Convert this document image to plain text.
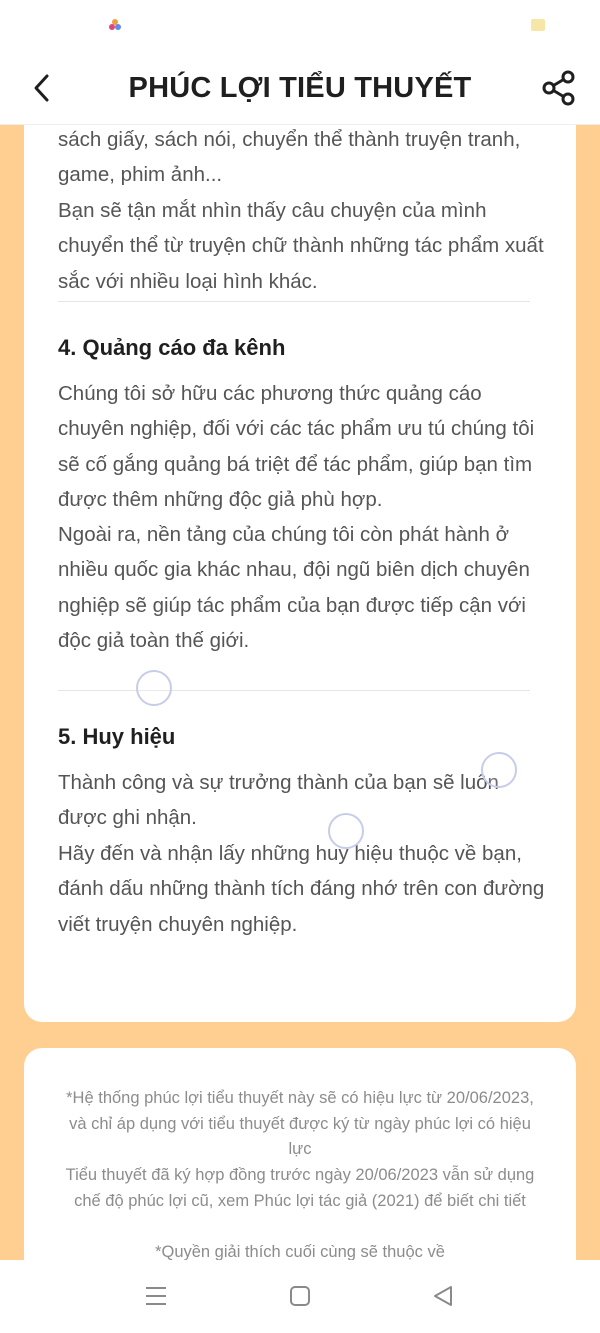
PHÚC LỢI TIỂU THUYẾT

sách giấy, sách nói, chuyển thể thành truyện tranh, game, phim ảnh...

Bạn sẽ tận mắt nhìn thấy câu chuyện của mình chuyển thể từ truyện chữ thành những tác phẩm xuất sắc với nhiều loại hình khác.

4. Quảng cáo đa kênh

Chúng tôi sở hữu các phương thức quảng cáo chuyên nghiệp, đối với các tác phẩm ưu tú chúng tôi sẽ cố gắng quảng bá triệt để tác phẩm, giúp bạn tìm được thêm những độc giả phù hợp.

Ngoài ra, nền tảng của chúng tôi còn phát hành ở nhiều quốc gia khác nhau, đội ngũ biên dịch chuyên nghiệp sẽ giúp tác phẩm của bạn được tiếp cận với độc giả toàn thế giới.

5. Huy hiệu

Thành công và sự trưởng thành của bạn sẽ luôn được ghi nhận.

Hãy đến và nhận lấy những huy hiệu thuộc về bạn, đánh dấu những thành tích đáng nhớ trên con đường viết truyện chuyên nghiệp.

*Hệ thống phúc lợi tiểu thuyết này sẽ có hiệu lực từ 20/06/2023, và chỉ áp dụng với tiểu thuyết được ký từ ngày phúc lợi có hiệu lực

Tiểu thuyết đã ký hợp đồng trước ngày 20/06/2023 vẫn sử dụng chế độ phúc lợi cũ, xem Phúc lợi tác giả (2021) để biết chi tiết

*Quyền giải thích cuối cùng sẽ thuộc về
